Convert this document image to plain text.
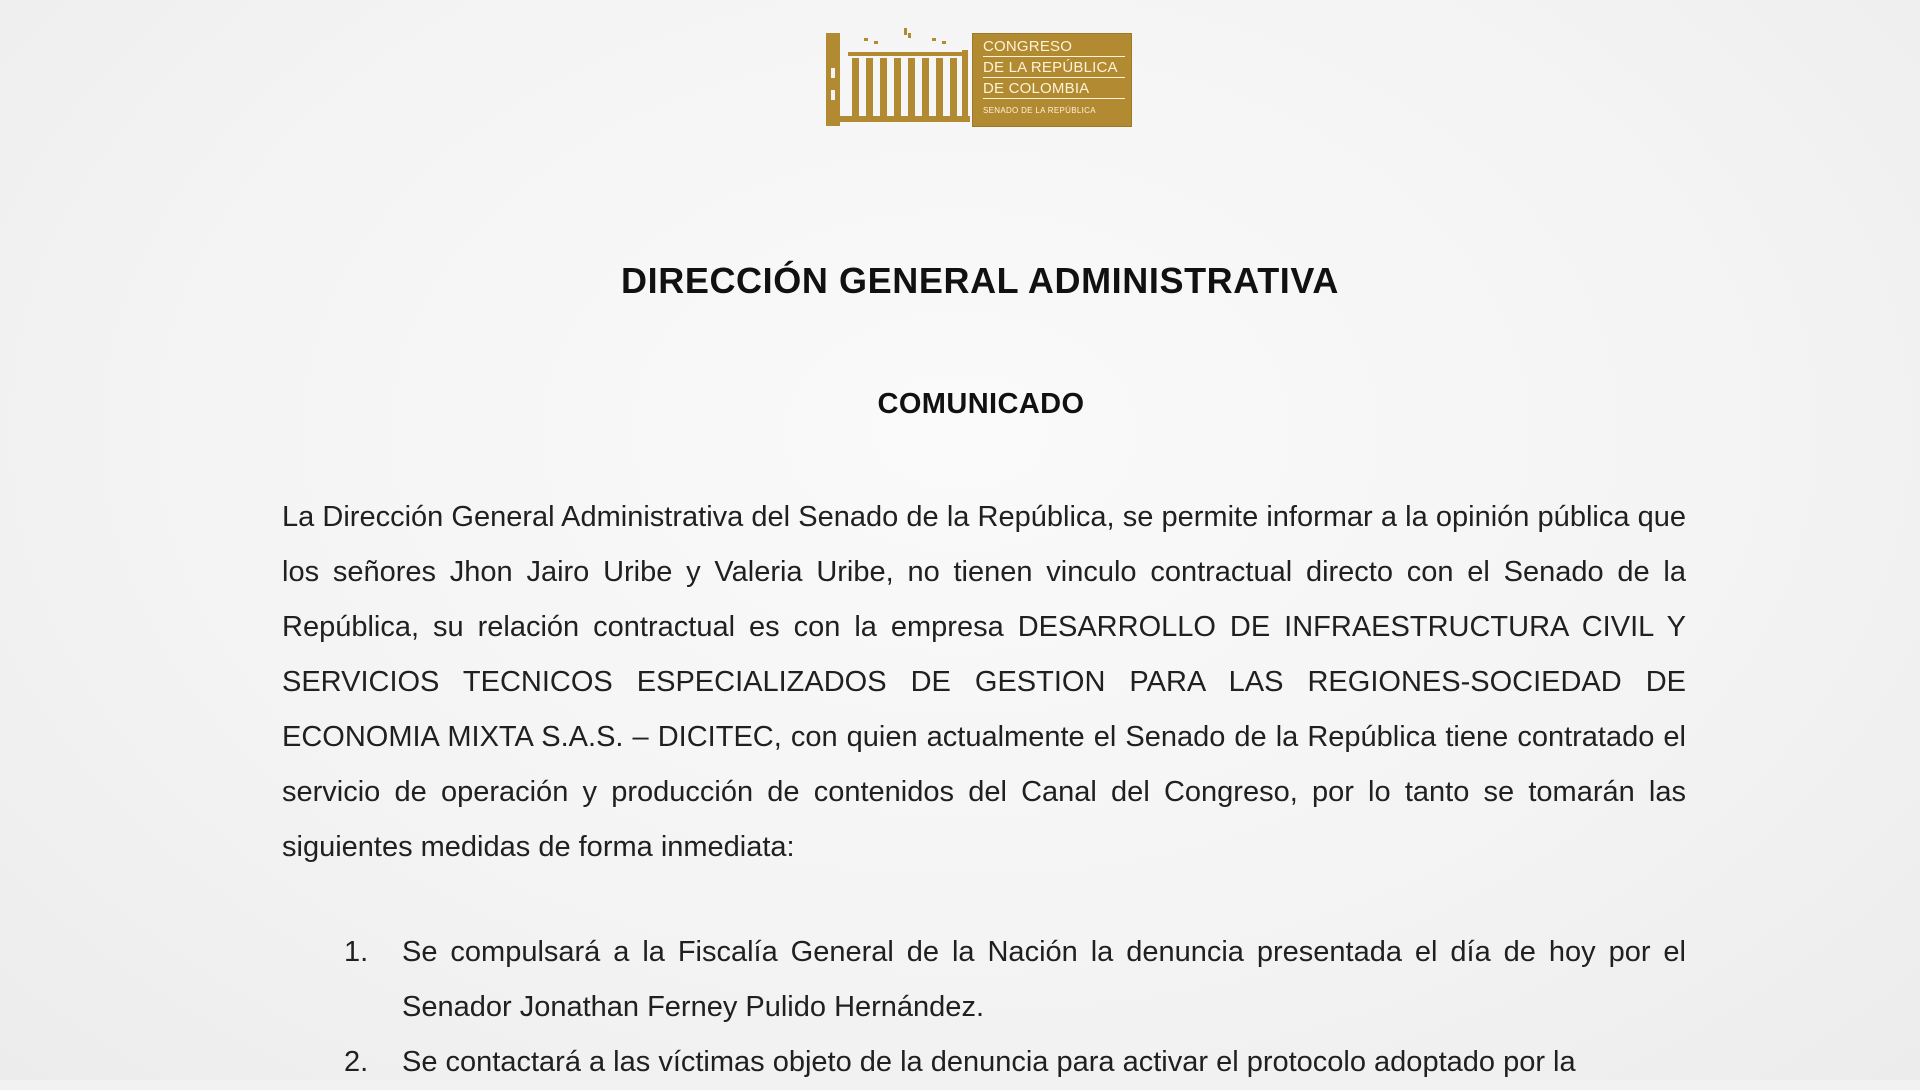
CONGRESO
DE LA REPÚBLICA
DE COLOMBIA
SENADO DE LA REPÚBLICA
DIRECCIÓN GENERAL ADMINISTRATIVA
COMUNICADO
La Dirección General Administrativa del Senado de la República, se permite informar a la opinión pública que los señores Jhon Jairo Uribe y Valeria Uribe, no tienen vinculo contractual directo con el Senado de la República, su relación contractual es con la empresa DESARROLLO DE INFRAESTRUCTURA CIVIL Y SERVICIOS TECNICOS ESPECIALIZADOS DE GESTION PARA LAS REGIONES-SOCIEDAD DE ECONOMIA MIXTA S.A.S. – DICITEC, con quien actualmente el Senado de la República tiene contratado el servicio de operación y producción de contenidos del Canal del Congreso, por lo tanto se tomarán las siguientes medidas de forma inmediata:
1. Se compulsará a la Fiscalía General de la Nación la denuncia presentada el día de hoy por el Senador Jonathan Ferney Pulido Hernández.
2. Se contactará a las víctimas objeto de la denuncia para activar el protocolo adoptado por la
